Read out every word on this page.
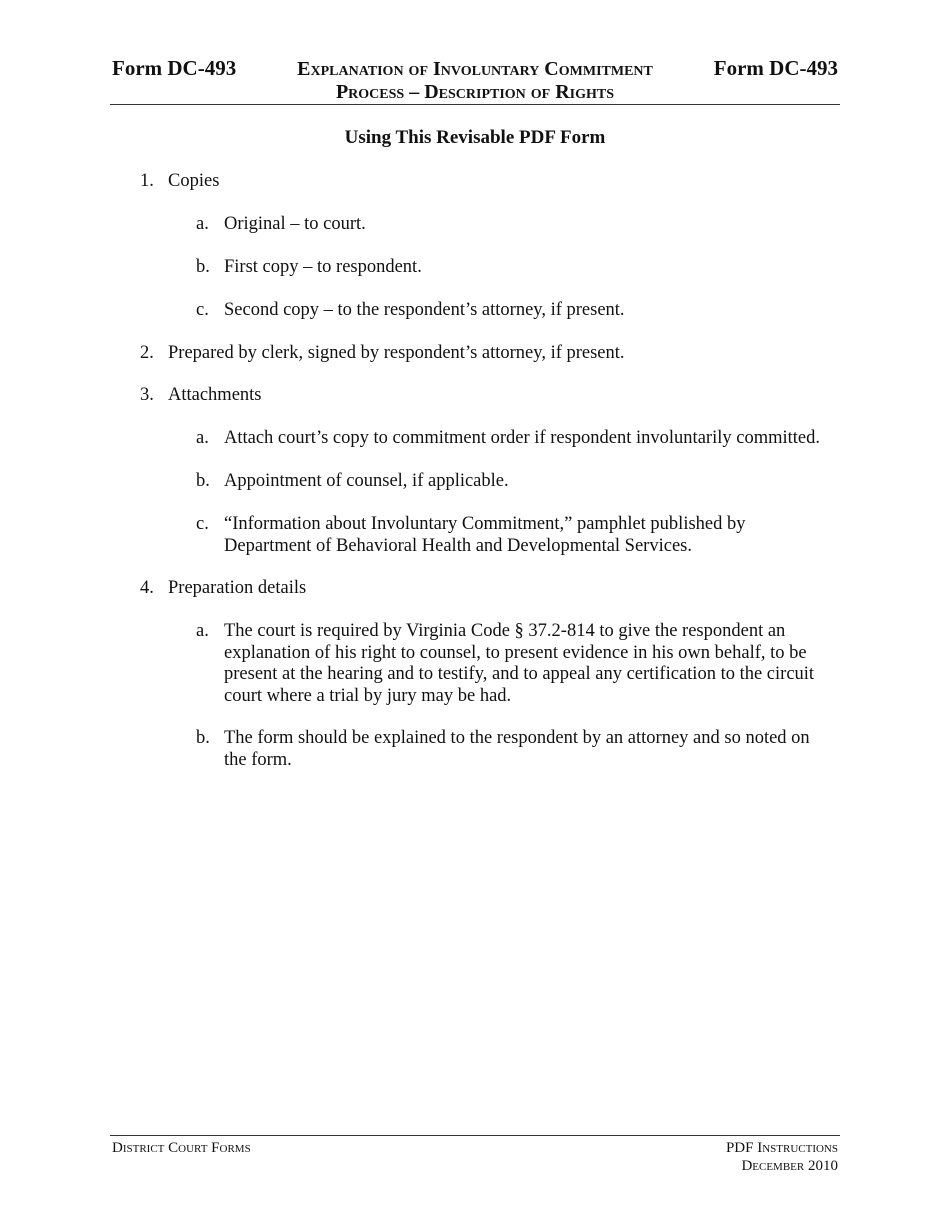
Form DC-493	Explanation of Involuntary Commitment
Process – Description of Rights
Form DC-493
Using This Revisable PDF Form
1. Copies
a. Original – to court.
b. First copy – to respondent.
c. Second copy – to the respondent’s attorney, if present.
2. Prepared by clerk, signed by respondent’s attorney, if present.
3. Attachments
a. Attach court’s copy to commitment order if respondent involuntarily committed.
b. Appointment of counsel, if applicable.
c. “Information about Involuntary Commitment,” pamphlet published by Department of Behavioral Health and Developmental Services.
4. Preparation details
a. The court is required by Virginia Code § 37.2-814 to give the respondent an explanation of his right to counsel, to present evidence in his own behalf, to be present at the hearing and to testify, and to appeal any certification to the circuit court where a trial by jury may be had.
b. The form should be explained to the respondent by an attorney and so noted on the form.
District Court Forms	PDF Instructions
December 2010
